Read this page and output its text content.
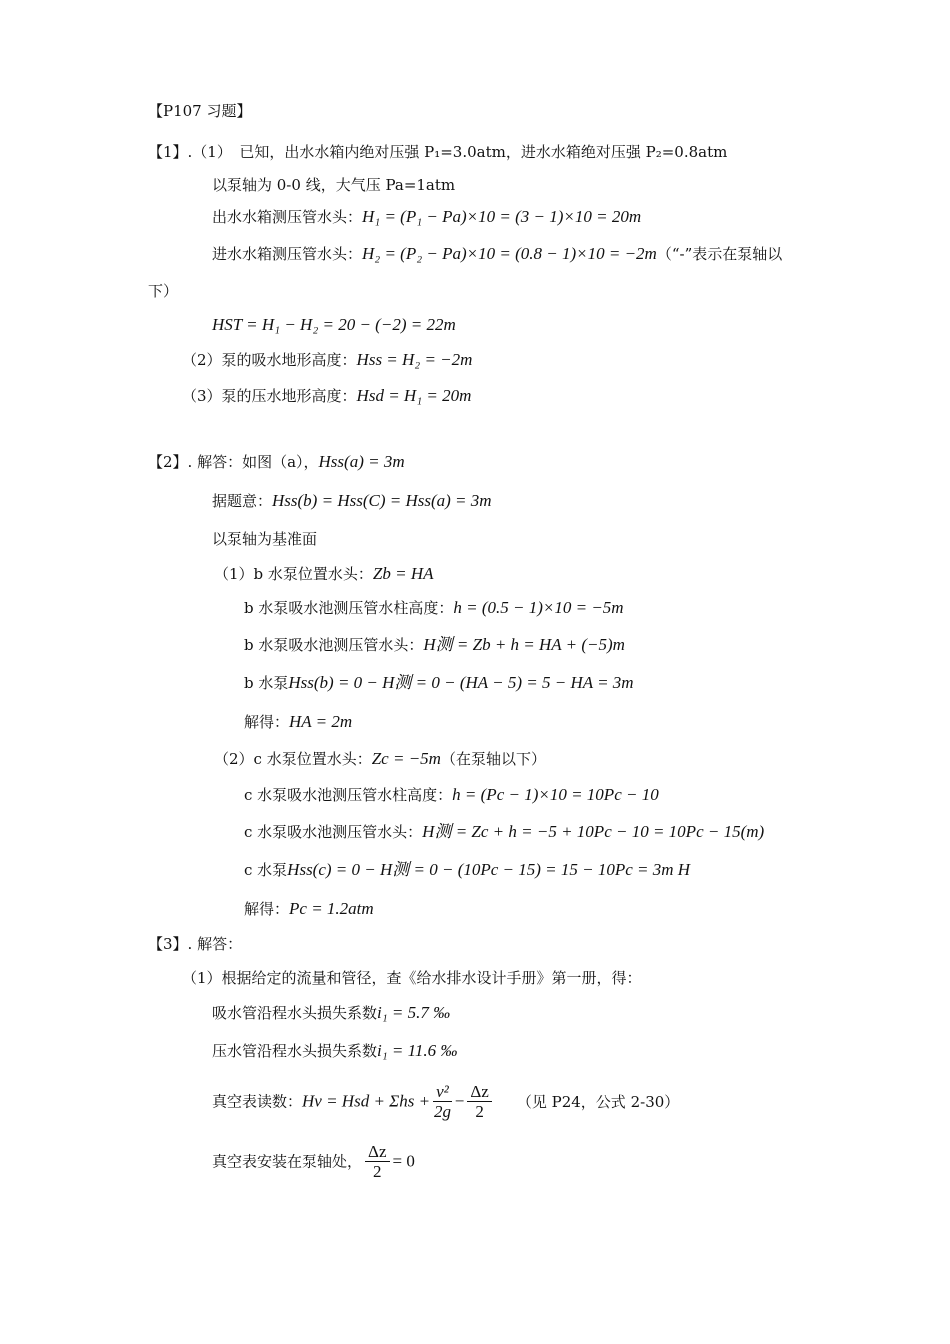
【P107 习题】
【1】.（1）　已知，出水水箱内绝对压强 P₁=3.0atm，进水水箱绝对压强 P₂=0.8atm
以泵轴为 0-0 线，大气压 Pa=1atm
出水水箱测压管水头：H₁ = (P₁ − Pa)×10 = (3 − 1)×10 = 20m
进水水箱测压管水头：H₂ = (P₂ − Pa)×10 = (0.8 − 1)×10 = −2m（“-”表示在泵轴以
下）
HST = H₁ − H₂ = 20 − (−2) = 22m
（2）泵的吸水地形高度：Hss = H₂ = −2m
（3）泵的压水地形高度：Hsd = H₁ = 20m
【2】. 解答：如图（a），Hss(a) = 3m
据题意：Hss(b) = Hss(C) = Hss(a) = 3m
以泵轴为基准面
（1）b 水泵位置水头：Zb = HA
b 水泵吸水池测压管水柱高度：h = (0.5 − 1)×10 = −5m
b 水泵吸水池测压管水头：H测 = Zb + h = HA + (−5)m
b 水泵Hss(b) = 0 − H测 = 0 − (HA − 5) = 5 − HA = 3m
解得：HA = 2m
（2）c 水泵位置水头：Zc = −5m（在泵轴以下）
c 水泵吸水池测压管水柱高度：h = (Pc − 1)×10 = 10Pc − 10
c 水泵吸水池测压管水头：H测 = Zc + h = −5 + 10Pc − 10 = 10Pc − 15(m)
c 水泵Hss(c) = 0 − H测 = 0 − (10Pc − 15) = 15 − 10Pc = 3m H
解得：Pc = 1.2atm
【3】. 解答：
（1）根据给定的流量和管径，查《给水排水设计手册》第一册，得：
吸水管沿程水头损失系数i₁ = 5.7 ‰
压水管沿程水头损失系数i₁ = 11.6 ‰
真空表读数：Hv = Hsd + $\Sigma hs + \frac{\text{v²}}{2g} - \frac{\Delta z}{2}$ （见 P24，公式 2-30）
真空表安装在泵轴处， $\frac{\Delta z}{2} = 0$
